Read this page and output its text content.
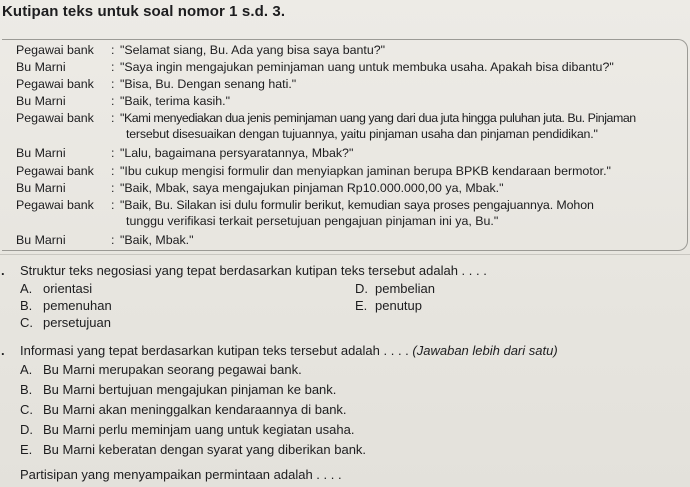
Kutipan teks untuk soal nomor 1 s.d. 3.
Pegawai bank : "Selamat siang, Bu. Ada yang bisa saya bantu?"
Bu Marni	: "Saya ingin mengajukan peminjaman uang untuk membuka usaha. Apakah bisa dibantu?"
Pegawai bank : "Bisa, Bu. Dengan senang hati."
Bu Marni	: "Baik, terima kasih."
Pegawai bank : "Kami menyediakan dua jenis peminjaman uang yang dari dua juta hingga puluhan juta. Bu. Pinjaman
tersebut disesuaikan dengan tujuannya, yaitu pinjaman usaha dan pinjaman pendidikan."
Bu Marni	: "Lalu, bagaimana persyaratannya, Mbak?"
Pegawai bank : "Ibu cukup mengisi formulir dan menyiapkan jaminan berupa BPKB kendaraan bermotor."
Bu Marni	: "Baik, Mbak, saya mengajukan pinjaman Rp10.000.000,00 ya, Mbak."
Pegawai bank : "Baik, Bu. Silakan isi dulu formulir berikut, kemudian saya proses pengajuannya. Mohon
tunggu verifikasi terkait persetujuan pengajuan pinjaman ini ya, Bu."
Bu Marni	: "Baik, Mbak."
. Struktur teks negosiasi yang tepat berdasarkan kutipan teks tersebut adalah . . . .
A. orientasi
B. pemenuhan
C. persetujuan
D. pembelian
E. penutup
. Informasi yang tepat berdasarkan kutipan teks tersebut adalah . . . . (Jawaban lebih dari satu)
A. Bu Marni merupakan seorang pegawai bank.
B. Bu Marni bertujuan mengajukan pinjaman ke bank.
C. Bu Marni akan meninggalkan kendaraannya di bank.
D. Bu Marni perlu meminjam uang untuk kegiatan usaha.
E. Bu Marni keberatan dengan syarat yang diberikan bank.
Partisipan yang menyampaikan permintaan adalah . . . .
